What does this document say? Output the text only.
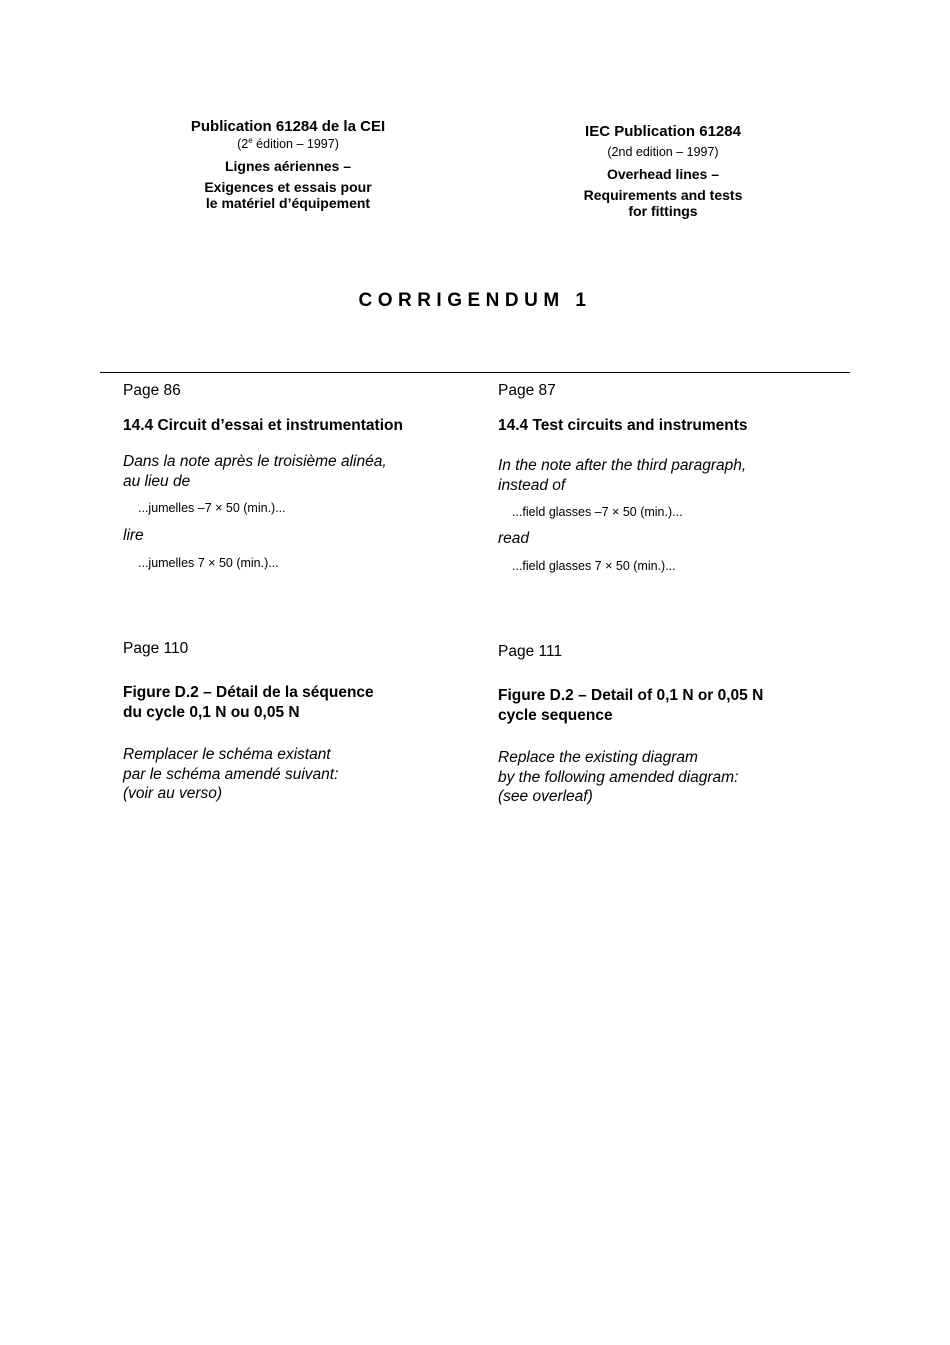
Publication 61284 de la CEI
(2e édition – 1997)
Lignes aériennes –
Exigences et essais pour
le matériel d’équipement
IEC Publication 61284
(2nd edition – 1997)
Overhead lines –
Requirements and tests
for fittings
CORRIGENDUM 1
Page 86
14.4 Circuit d’essai et instrumentation
Dans la note après le troisième alinéa,
au lieu de
...jumelles –7 × 50 (min.)...
lire
...jumelles 7 × 50 (min.)...
Page 87
14.4 Test circuits and instruments
In the note after the third paragraph,
instead of
...field glasses –7 × 50 (min.)...
read
...field glasses 7 × 50 (min.)...
Page 110
Figure D.2 – Détail de la séquence
du cycle 0,1 N ou 0,05 N
Remplacer le schéma existant
par le schéma amendé suivant:
(voir au verso)
Page 111
Figure D.2 – Detail of 0,1 N or 0,05 N
cycle sequence
Replace the existing diagram
by the following amended diagram:
(see overleaf)
